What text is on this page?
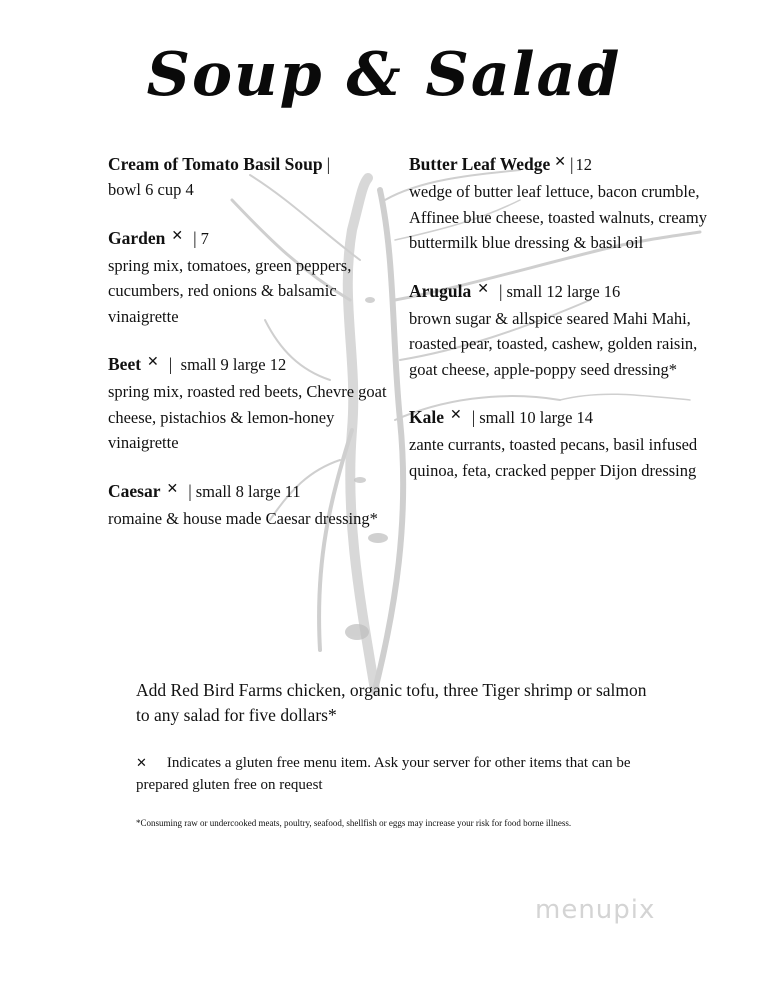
Soup & Salad
Cream of Tomato Basil Soup |
bowl 6 cup 4
Garden ✕ | 7
spring mix, tomatoes, green peppers, cucumbers, red onions & balsamic vinaigrette
Beet ✕ | small 9 large 12
spring mix, roasted red beets, Chevre goat cheese, pistachios & lemon-honey vinaigrette
Caesar ✕ | small 8 large 11
romaine & house made Caesar dressing*
Butter Leaf Wedge ✕ | 12
wedge of butter leaf lettuce, bacon crumble, Affinee blue cheese, toasted walnuts, creamy buttermilk blue dressing & basil oil
Arugula ✕ | small 12 large 16
brown sugar & allspice seared Mahi Mahi, roasted pear, toasted, cashew, golden raisin, goat cheese, apple-poppy seed dressing*
Kale ✕ | small 10 large 14
zante currants, toasted pecans, basil infused quinoa, feta, cracked pepper Dijon dressing
Add Red Bird Farms chicken, organic tofu, three Tiger shrimp or salmon to any salad for five dollars*
✕ Indicates a gluten free menu item. Ask your server for other items that can be prepared gluten free on request
*Consuming raw or undercooked meats, poultry, seafood, shellfish or eggs may increase your risk for food borne illness.
menupix
